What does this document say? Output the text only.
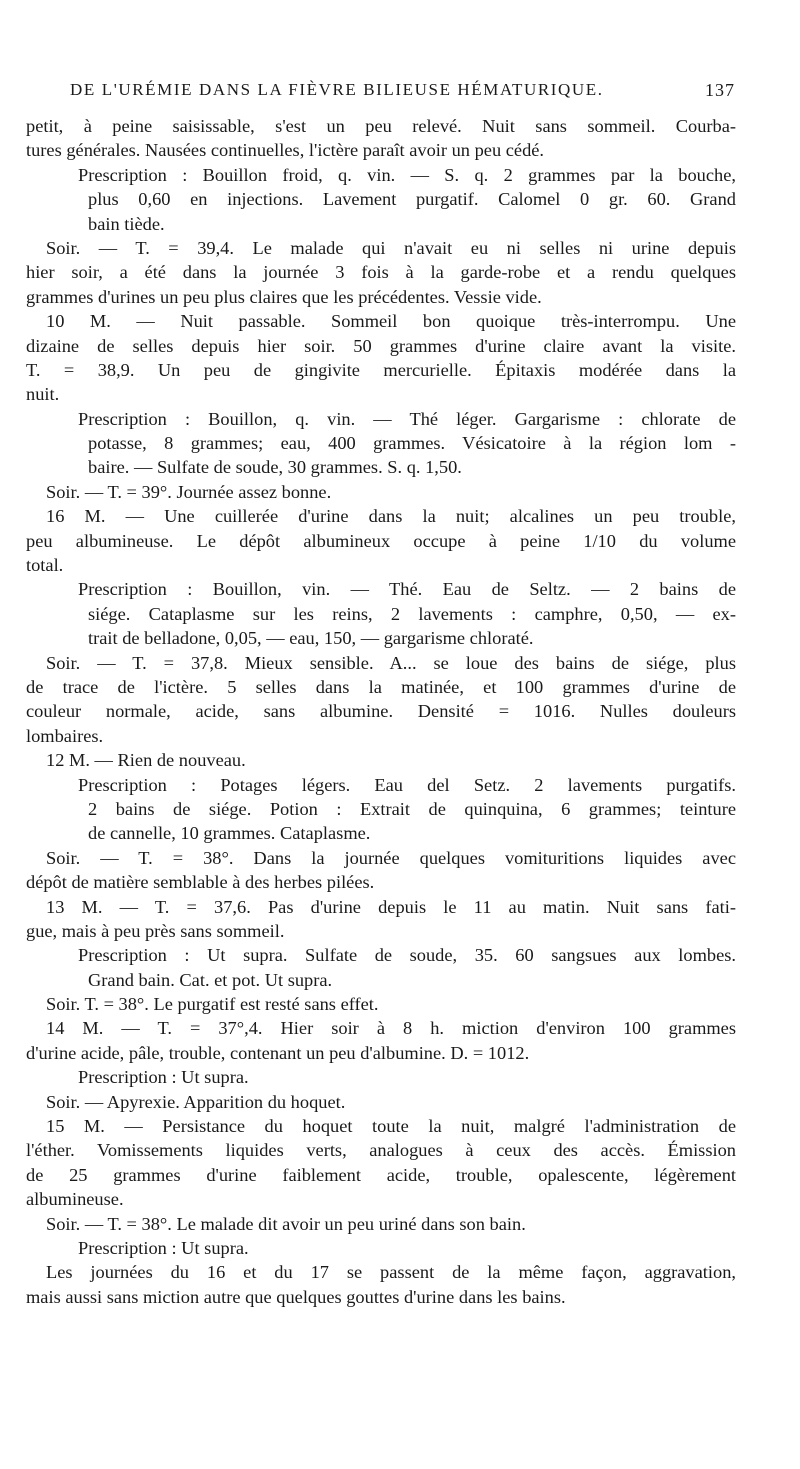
DE L'URÉMIE DANS LA FIÈVRE BILIEUSE HÉMATURIQUE.	137
petit, à peine saisissable, s'est un peu relevé. Nuit sans sommeil. Courba-
tures générales. Nausées continuelles, l'ictère paraît avoir un peu cédé.
Prescription : Bouillon froid, q. vin. — S. q. 2 grammes par la bouche,
plus 0,60 en injections. Lavement purgatif. Calomel 0 gr. 60. Grand
bain tiède.
Soir. — T. = 39,4. Le malade qui n'avait eu ni selles ni urine depuis
hier soir, a été dans la journée 3 fois à la garde-robe et a rendu quelques
grammes d'urines un peu plus claires que les précédentes. Vessie vide.
10 M. — Nuit passable. Sommeil bon quoique très-interrompu. Une
dizaine de selles depuis hier soir. 50 grammes d'urine claire avant la visite.
T. = 38,9. Un peu de gingivite mercurielle. Épitaxis modérée dans la
nuit.
Prescription : Bouillon, q. vin. — Thé léger. Gargarisme : chlorate de
potasse, 8 grammes; eau, 400 grammes. Vésicatoire à la région lom -
baire. — Sulfate de soude, 30 grammes. S. q. 1,50.
Soir. — T. = 39°. Journée assez bonne.
16 M. — Une cuillerée d'urine dans la nuit; alcalines un peu trouble,
peu albumineuse. Le dépôt albumineux occupe à peine 1/10 du volume
total.
Prescription : Bouillon, vin. — Thé. Eau de Seltz. — 2 bains de
siége. Cataplasme sur les reins, 2 lavements : camphre, 0,50, — ex-
trait de belladone, 0,05, — eau, 150, — gargarisme chloraté.
Soir. — T. = 37,8. Mieux sensible. A... se loue des bains de siége, plus
de trace de l'ictère. 5 selles dans la matinée, et 100 grammes d'urine de
couleur normale, acide, sans albumine. Densité = 1016. Nulles douleurs
lombaires.
12 M. — Rien de nouveau.
Prescription : Potages légers. Eau del Setz. 2 lavements purgatifs.
2 bains de siége. Potion : Extrait de quinquina, 6 grammes; teinture
de cannelle, 10 grammes. Cataplasme.
Soir. — T. = 38°. Dans la journée quelques vomituritions liquides avec
dépôt de matière semblable à des herbes pilées.
13 M. — T. = 37,6. Pas d'urine depuis le 11 au matin. Nuit sans fati-
gue, mais à peu près sans sommeil.
Prescription : Ut supra. Sulfate de soude, 35. 60 sangsues aux lombes.
Grand bain. Cat. et pot. Ut supra.
Soir. T. = 38°. Le purgatif est resté sans effet.
14 M. — T. = 37°,4. Hier soir à 8 h. miction d'environ 100 grammes
d'urine acide, pâle, trouble, contenant un peu d'albumine. D. = 1012.
Prescription : Ut supra.
Soir. — Apyrexie. Apparition du hoquet.
15 M. — Persistance du hoquet toute la nuit, malgré l'administration de
l'éther. Vomissements liquides verts, analogues à ceux des accès. Émission
de 25 grammes d'urine faiblement acide, trouble, opalescente, légèrement
albumineuse.
Soir. — T. = 38°. Le malade dit avoir un peu uriné dans son bain.
Prescription : Ut supra.
Les journées du 16 et du 17 se passent de la même façon, aggravation,
mais aussi sans miction autre que quelques gouttes d'urine dans les bains.
